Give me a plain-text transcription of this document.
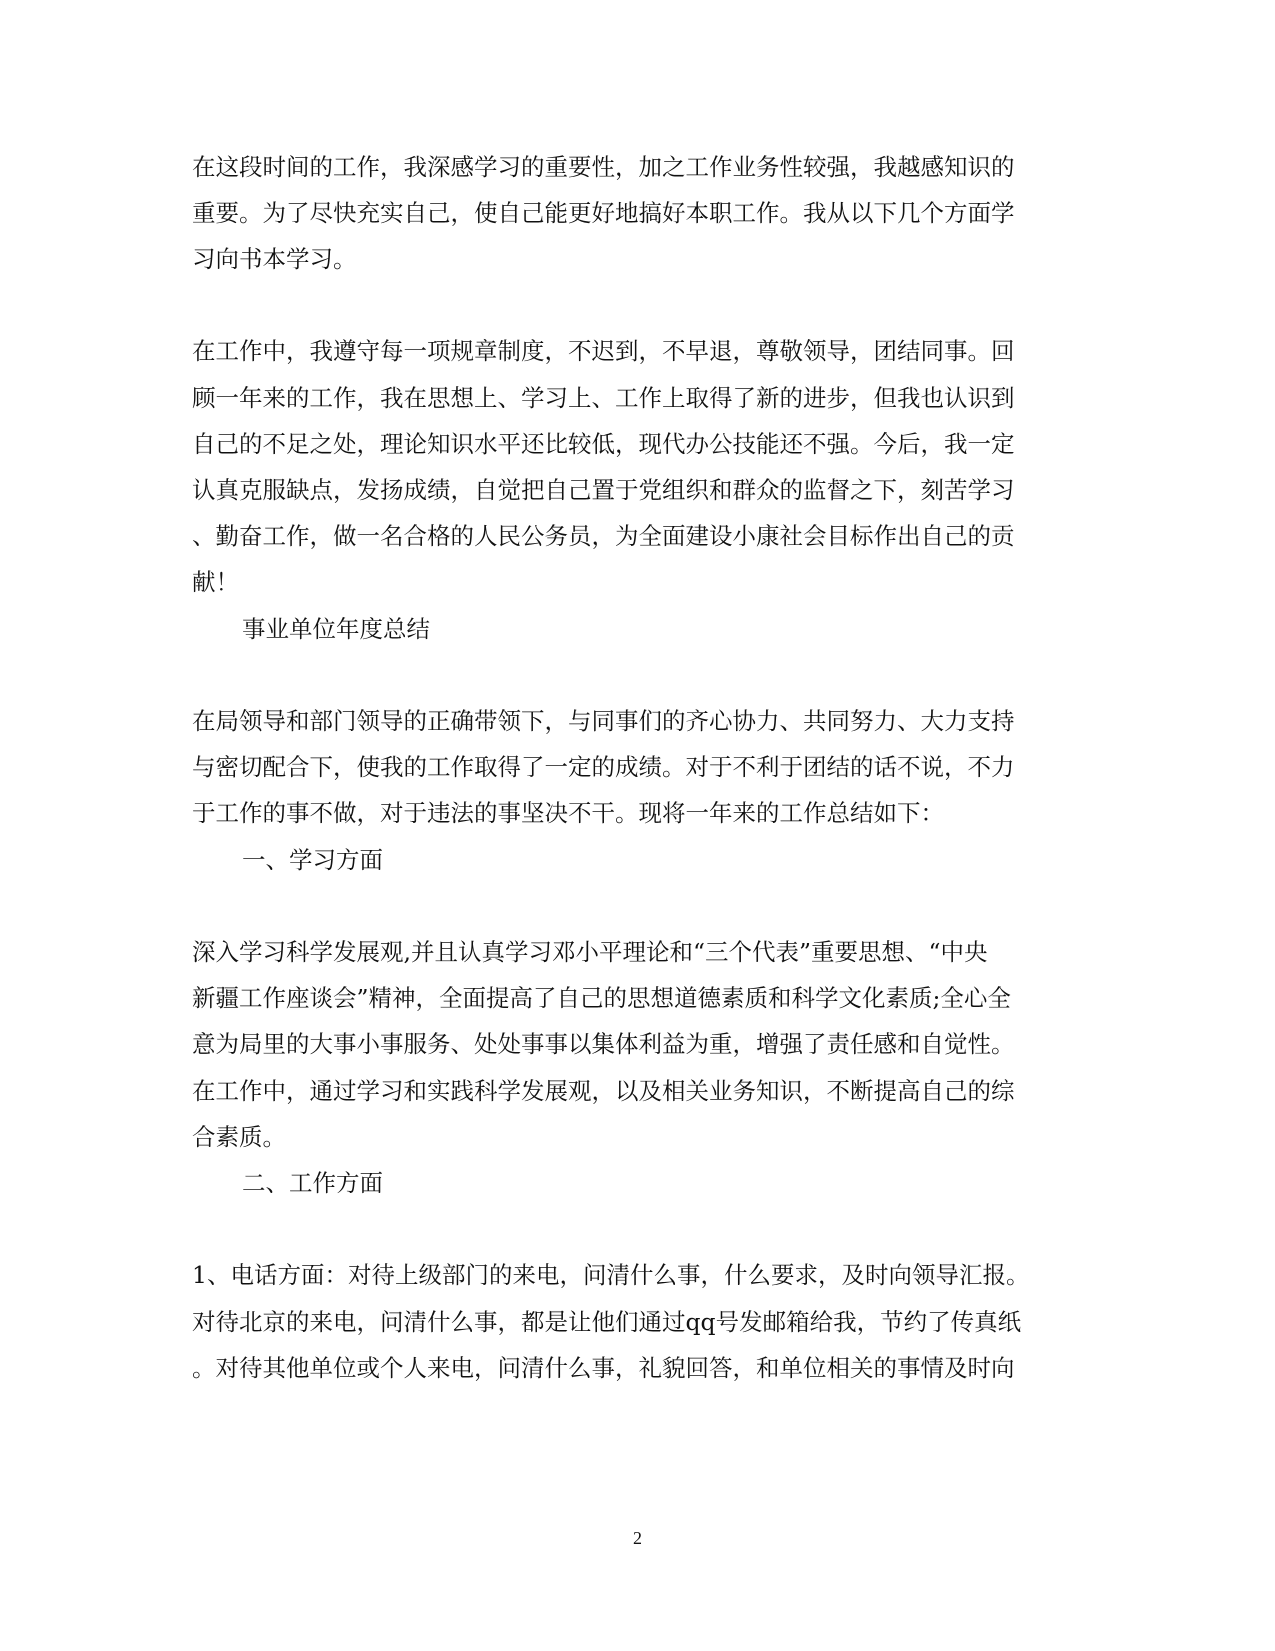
在这段时间的工作，我深感学习的重要性，加之工作业务性较强，我越感知识的
重要。为了尽快充实自己，使自己能更好地搞好本职工作。我从以下几个方面学
习向书本学习。
在工作中，我遵守每一项规章制度，不迟到，不早退，尊敬领导，团结同事。回
顾一年来的工作，我在思想上、学习上、工作上取得了新的进步，但我也认识到
自己的不足之处，理论知识水平还比较低，现代办公技能还不强。今后，我一定
认真克服缺点，发扬成绩，自觉把自己置于党组织和群众的监督之下，刻苦学习
、勤奋工作，做一名合格的人民公务员，为全面建设小康社会目标作出自己的贡
献！
事业单位年度总结
在局领导和部门领导的正确带领下，与同事们的齐心协力、共同努力、大力支持
与密切配合下，使我的工作取得了一定的成绩。对于不利于团结的话不说，不力
于工作的事不做，对于违法的事坚决不干。现将一年来的工作总结如下：
一、学习方面
深入学习科学发展观,并且认真学习邓小平理论和“三个代表”重要思想、“中央
新疆工作座谈会”精神，全面提高了自己的思想道德素质和科学文化素质;全心全
意为局里的大事小事服务、处处事事以集体利益为重，增强了责任感和自觉性。
在工作中，通过学习和实践科学发展观，以及相关业务知识，不断提高自己的综
合素质。
二、工作方面
1、电话方面：对待上级部门的来电，问清什么事，什么要求，及时向领导汇报。
对待北京的来电，问清什么事，都是让他们通过qq号发邮箱给我，节约了传真纸
。对待其他单位或个人来电，问清什么事，礼貌回答，和单位相关的事情及时向
2
